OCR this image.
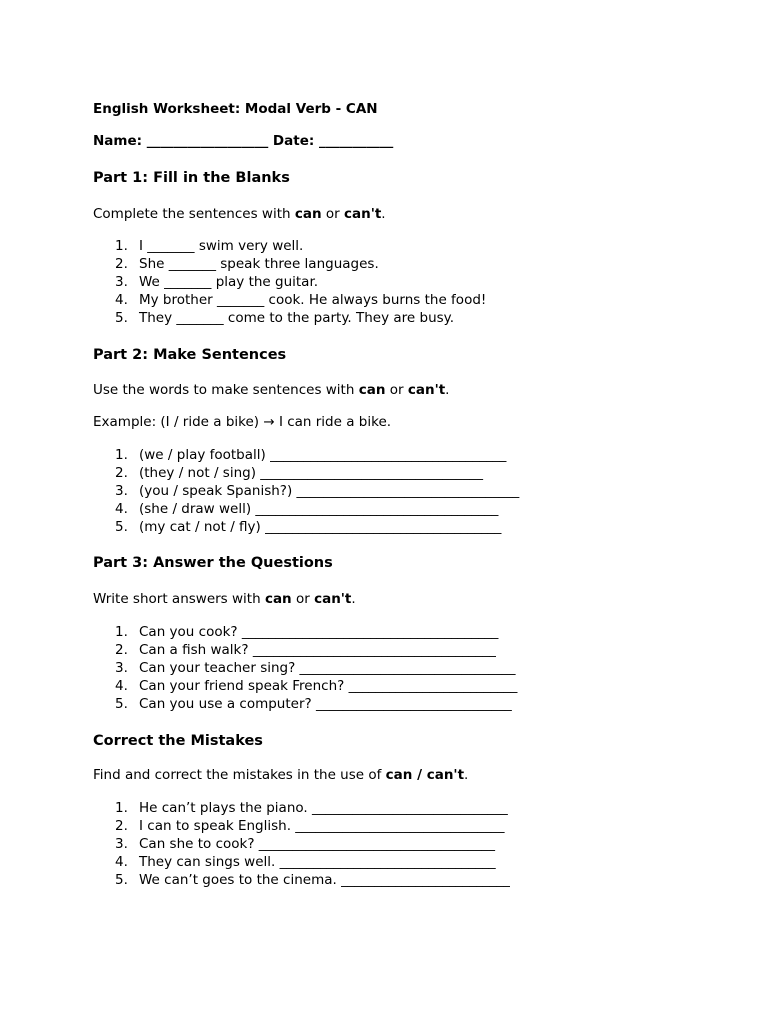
English Worksheet: Modal Verb - CAN

Name: __________________ Date: ___________

Part 1: Fill in the Blanks

Complete the sentences with can or can't.

1. I _______ swim very well.
2. She _______ speak three languages.
3. We _______ play the guitar.
4. My brother _______ cook. He always burns the food!
5. They _______ come to the party. They are busy.

Part 2: Make Sentences

Use the words to make sentences with can or can't.

Example: (I / ride a bike) → I can ride a bike.

1. (we / play football) ___________________________________
2. (they / not / sing) _________________________________
3. (you / speak Spanish?) _________________________________
4. (she / draw well) ____________________________________
5. (my cat / not / fly) ___________________________________

Part 3: Answer the Questions

Write short answers with can or can't.

1. Can you cook? ______________________________________
2. Can a fish walk? ____________________________________
3. Can your teacher sing? ________________________________
4. Can your friend speak French? _________________________
5. Can you use a computer? _____________________________

Correct the Mistakes

Find and correct the mistakes in the use of can / can't.

1. He can’t plays the piano. _____________________________
2. I can to speak English. _______________________________
3. Can she to cook? ___________________________________
4. They can sings well. ________________________________
5. We can’t goes to the cinema. _________________________
